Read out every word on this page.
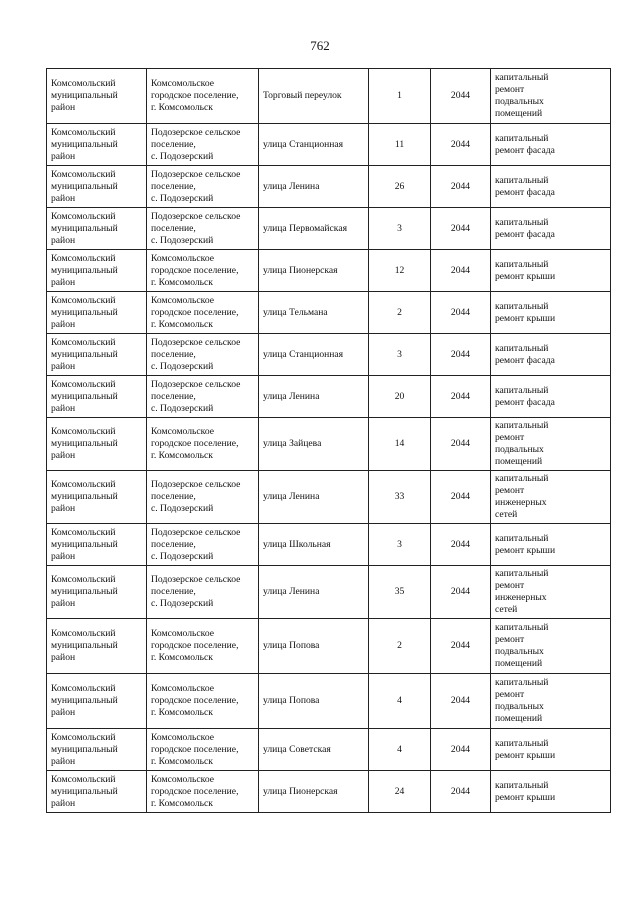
762
Комсомольский
муниципальный
район	Комсомольское
городское поселение,
г. Комсомольск	Торговый переулок	1	2044	капитальный
ремонт
подвальных
помещений
Комсомольский
муниципальный
район	Подозерское сельское
поселение,
с. Подозерский	улица Станционная	11	2044	капитальный
ремонт фасада
Комсомольский
муниципальный
район	Подозерское сельское
поселение,
с. Подозерский	улица Ленина	26	2044	капитальный
ремонт фасада
Комсомольский
муниципальный
район	Подозерское сельское
поселение,
с. Подозерский	улица Первомайская	3	2044	капитальный
ремонт фасада
Комсомольский
муниципальный
район	Комсомольское
городское поселение,
г. Комсомольск	улица Пионерская	12	2044	капитальный
ремонт крыши
Комсомольский
муниципальный
район	Комсомольское
городское поселение,
г. Комсомольск	улица Тельмана	2	2044	капитальный
ремонт крыши
Комсомольский
муниципальный
район	Подозерское сельское
поселение,
с. Подозерский	улица Станционная	3	2044	капитальный
ремонт фасада
Комсомольский
муниципальный
район	Подозерское сельское
поселение,
с. Подозерский	улица Ленина	20	2044	капитальный
ремонт фасада
Комсомольский
муниципальный
район	Комсомольское
городское поселение,
г. Комсомольск	улица Зайцева	14	2044	капитальный
ремонт
подвальных
помещений
Комсомольский
муниципальный
район	Подозерское сельское
поселение,
с. Подозерский	улица Ленина	33	2044	капитальный
ремонт
инженерных
сетей
Комсомольский
муниципальный
район	Подозерское сельское
поселение,
с. Подозерский	улица Школьная	3	2044	капитальный
ремонт крыши
Комсомольский
муниципальный
район	Подозерское сельское
поселение,
с. Подозерский	улица Ленина	35	2044	капитальный
ремонт
инженерных
сетей
Комсомольский
муниципальный
район	Комсомольское
городское поселение,
г. Комсомольск	улица Попова	2	2044	капитальный
ремонт
подвальных
помещений
Комсомольский
муниципальный
район	Комсомольское
городское поселение,
г. Комсомольск	улица Попова	4	2044	капитальный
ремонт
подвальных
помещений
Комсомольский
муниципальный
район	Комсомольское
городское поселение,
г. Комсомольск	улица Советская	4	2044	капитальный
ремонт крыши
Комсомольский
муниципальный
район	Комсомольское
городское поселение,
г. Комсомольск	улица Пионерская	24	2044	капитальный
ремонт крыши
